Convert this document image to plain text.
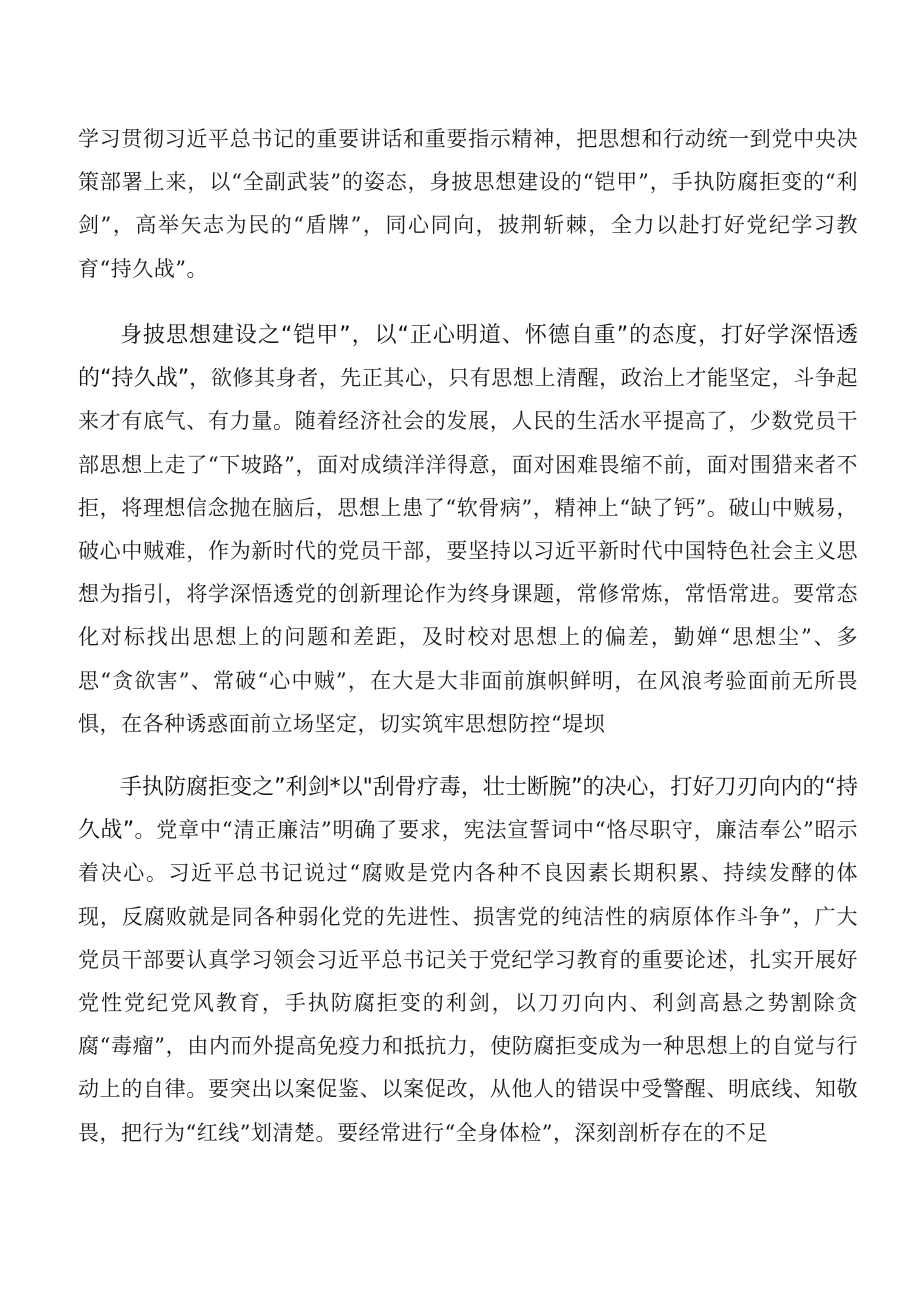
学习贯彻习近平总书记的重要讲话和重要指示精神，把思想和行动统一到党中央决策部署上来，以“全副武装”的姿态，身披思想建设的“铠甲”，手执防腐拒变的“利剑”，高举矢志为民的“盾牌”，同心同向，披荆斩棘，全力以赴打好党纪学习教育“持久战”。

身披思想建设之“铠甲”，以“正心明道、怀德自重”的态度，打好学深悟透的“持久战”，欲修其身者，先正其心，只有思想上清醒，政治上才能坚定，斗争起来才有底气、有力量。随着经济社会的发展，人民的生活水平提高了，少数党员干部思想上走了“下坡路”，面对成绩洋洋得意，面对困难畏缩不前，面对围猎来者不拒，将理想信念抛在脑后，思想上患了“软骨病”，精神上“缺了钙”。破山中贼易，破心中贼难，作为新时代的党员干部，要坚持以习近平新时代中国特色社会主义思想为指引，将学深悟透党的创新理论作为终身课题，常修常炼，常悟常进。要常态化对标找出思想上的问题和差距，及时校对思想上的偏差，勤婵“思想尘”、多思“贪欲害”、常破“心中贼”，在大是大非面前旗帜鲜明，在风浪考验面前无所畏惧，在各种诱惑面前立场坚定，切实筑牢思想防控“堤坝

手执防腐拒变之”利剑*以"刮骨疗毒，壮士断腕”的决心，打好刀刃向内的“持久战”。党章中“清正廉洁”明确了要求，宪法宣誓词中“恪尽职守，廉洁奉公”昭示着决心。习近平总书记说过“腐败是党内各种不良因素长期积累、持续发酵的体现，反腐败就是同各种弱化党的先进性、损害党的纯洁性的病原体作斗争”，广大党员干部要认真学习领会习近平总书记关于党纪学习教育的重要论述，扎实开展好党性党纪党风教育，手执防腐拒变的利剑，以刀刃向内、利剑高悬之势割除贪腐“毒瘤”，由内而外提高免疫力和抵抗力，使防腐拒变成为一种思想上的自觉与行动上的自律。要突出以案促鉴、以案促改，从他人的错误中受警醒、明底线、知敬畏，把行为“红线”划清楚。要经常进行“全身体检”，深刻剖析存在的不足
